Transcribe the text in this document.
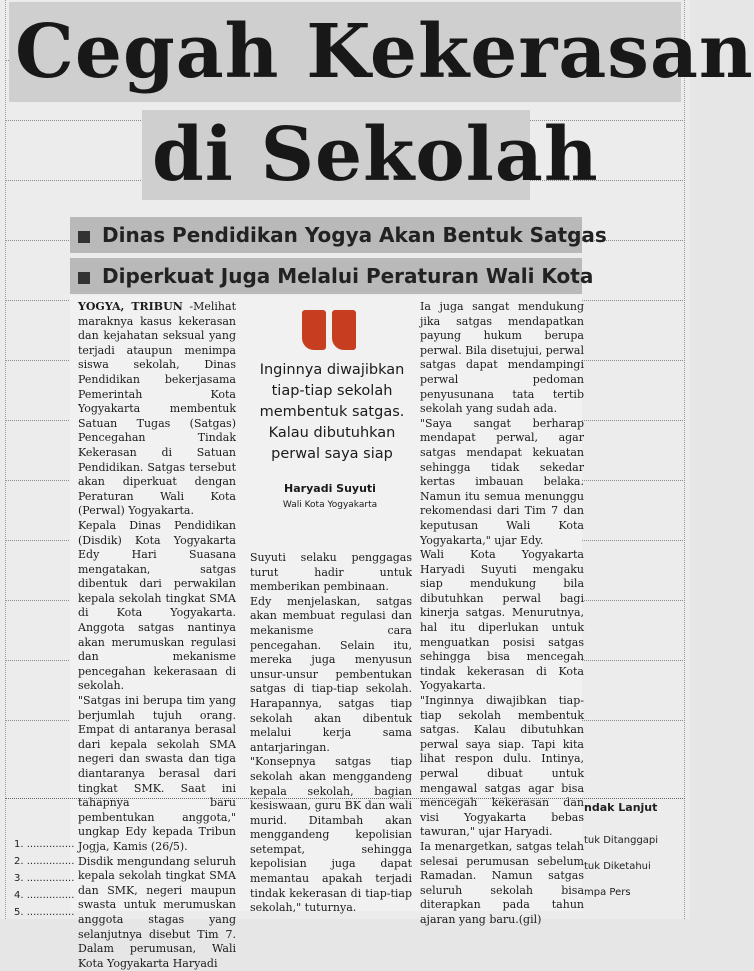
Cegah Kekerasan
di Sekolah
Dinas Pendidikan Yogya Akan Bentuk Satgas
Diperkuat Juga Melalui Peraturan Wali Kota
YOGYA, TRIBUN -Melihat maraknya kasus kekerasan dan kejahatan seksual yang terjadi ataupun menimpa siswa sekolah, Dinas Pendidikan bekerjasama Pemerintah Kota Yogyakarta membentuk Satuan Tugas (Satgas) Pencegahan Tindak Kekerasan di Satuan Pendidikan. Satgas tersebut akan diperkuat dengan Peraturan Wali Kota (Perwal) Yogyakarta.
Kepala Dinas Pendidikan (Disdik) Kota Yogyakarta Edy Hari Suasana mengatakan, satgas dibentuk dari perwakilan kepala sekolah tingkat SMA di Kota Yogyakarta. Anggota satgas nantinya akan merumuskan regulasi dan mekanisme pencegahan kekerasaan di sekolah.
"Satgas ini berupa tim yang berjumlah tujuh orang. Empat di antaranya berasal dari kepala sekolah SMA negeri dan swasta dan tiga diantaranya berasal dari tingkat SMK. Saat ini tahapnya baru pembentukan anggota," ungkap Edy kepada Tribun Jogja, Kamis (26/5).
Disdik mengundang seluruh kepala sekolah tingkat SMA dan SMK, negeri maupun swasta untuk merumuskan anggota stagas yang selanjutnya disebut Tim 7. Dalam perumusan, Wali Kota Yogyakarta Haryadi
Inginnya diwajibkan tiap-tiap sekolah membentuk satgas. Kalau dibutuhkan perwal saya siap
Haryadi Suyuti
Wali Kota Yogyakarta
Suyuti selaku penggagas turut hadir untuk memberikan pembinaan.
Edy menjelaskan, satgas akan membuat regulasi dan mekanisme cara pencegahan. Selain itu, mereka juga menyusun unsur-unsur pembentukan satgas di tiap-tiap sekolah. Harapannya, satgas tiap sekolah akan dibentuk melalui kerja sama antarjaringan.
"Konsepnya satgas tiap sekolah akan menggandeng kepala sekolah, bagian kesiswaan, guru BK dan wali murid. Ditambah akan menggandeng kepolisian setempat, sehingga kepolisian juga dapat memantau apakah terjadi tindak kekerasan di tiap-tiap sekolah," tuturnya.
Ia juga sangat mendukung jika satgas mendapatkan payung hukum berupa perwal. Bila disetujui, perwal satgas dapat mendampingi perwal pedoman penyusunana tata tertib sekolah yang sudah ada.
"Saya sangat berharap mendapat perwal, agar satgas mendapat kekuatan sehingga tidak sekedar kertas imbauan belaka. Namun itu semua menunggu rekomendasi dari Tim 7 dan keputusan Wali Kota Yogyakarta," ujar Edy.
Wali Kota Yogyakarta Haryadi Suyuti mengaku siap mendukung bila dibutuhkan perwal bagi kinerja satgas. Menurutnya, hal itu diperlukan untuk menguatkan posisi satgas sehingga bisa mencegah tindak kekerasan di Kota Yogyakarta.
"Inginnya diwajibkan tiap-tiap sekolah membentuk satgas. Kalau dibutuhkan perwal saya siap. Tapi kita lihat respon dulu. Intinya, perwal dibuat untuk mengawal satgas agar bisa mencegah kekerasan dan visi Yogyakarta bebas tawuran," ujar Haryadi.
Ia menargetkan, satgas telah selesai perumusan sebelum Ramadan. Namun satgas seluruh sekolah bisa diterapkan pada tahun ajaran yang baru.(gil)
1. ...............
2. ...............
3. ...............
4. ...............
5. ...............
ndak Lanjut
tuk Ditanggapi
tuk Diketahui
mpa Pers
